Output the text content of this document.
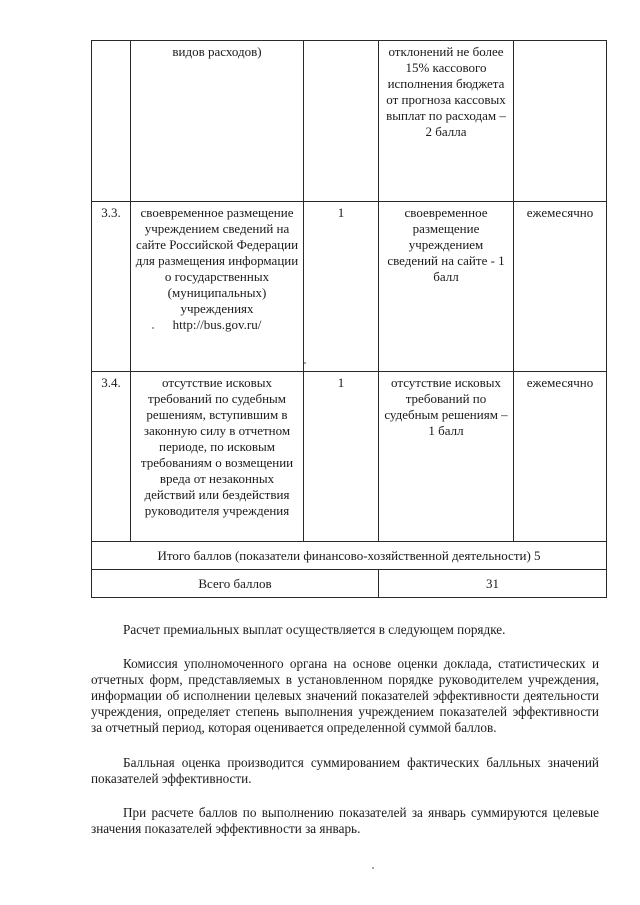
	видов расходов)		отклонений не более 15% кассового исполнения бюджета от прогноза кассовых выплат по расходам – 2 балла	
3.3.	своевременное размещение учреждением сведений на сайте Российской Федерации для размещения информации о государственных (муниципальных) учреждениях http://bus.gov.ru/	1	своевременное размещение учреждением сведений на сайте - 1 балл	ежемесячно
3.4.	отсутствие исковых требований по судебным решениям, вступившим в законную силу в отчетном периоде, по исковым требованиям о возмещении вреда от незаконных действий или бездействия руководителя учреждения	1	отсутствие исковых требований по судебным решениям – 1 балл	ежемесячно
Итого баллов (показатели финансово-хозяйственной деятельности) 5				
Всего баллов			31	

Расчет премиальных выплат осуществляется в следующем порядке.

Комиссия уполномоченного органа на основе оценки доклада, статистических и отчетных форм, представляемых в установленном порядке руководителем учреждения, информации об исполнении целевых значений показателей эффективности деятельности учреждения, определяет степень выполнения учреждением показателей эффективности за отчетный период, которая оценивается определенной суммой баллов.

Балльная оценка производится суммированием фактических балльных значений показателей эффективности.

При расчете баллов по выполнению показателей за январь суммируются целевые значения показателей эффективности за январь.
